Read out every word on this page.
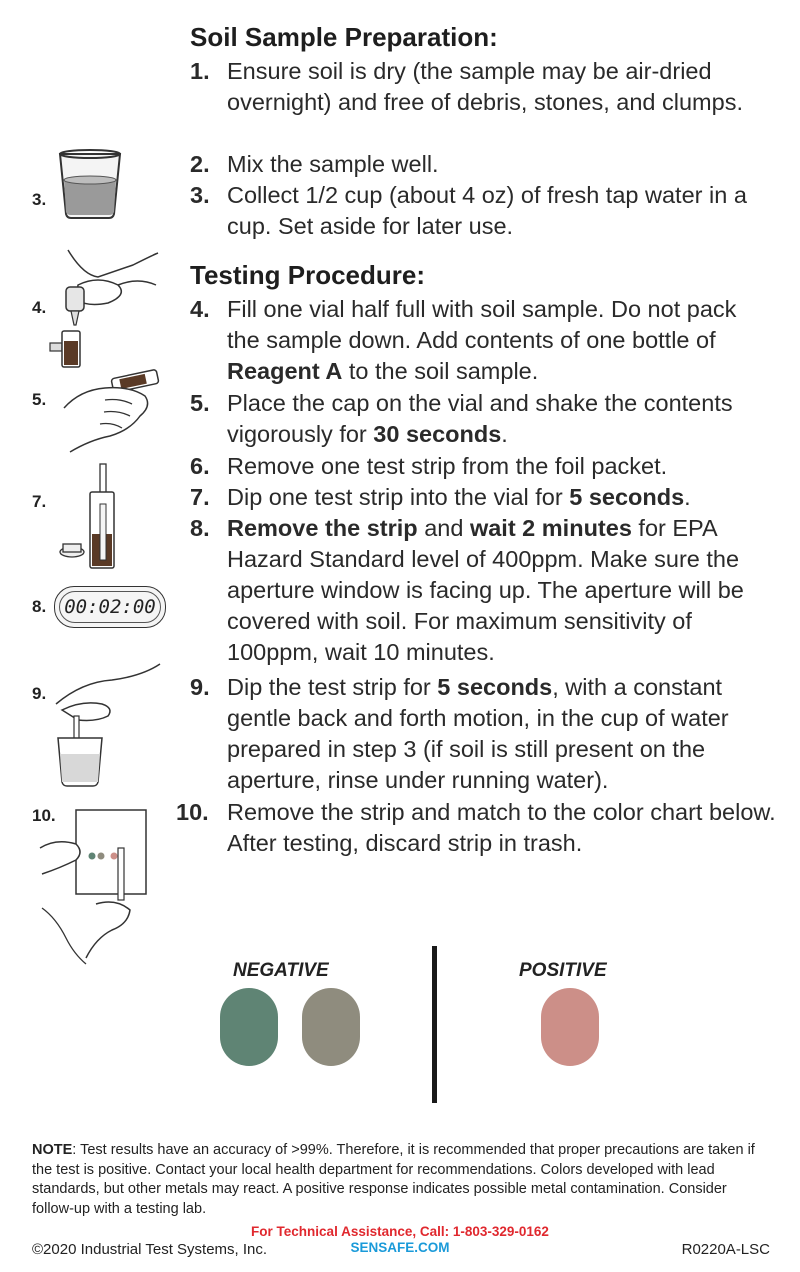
Soil Sample Preparation:
1. Ensure soil is dry (the sample may be air-dried overnight) and free of debris, stones, and clumps.
2. Mix the sample well.
3. Collect 1/2 cup (about 4 oz) of fresh tap water in a cup. Set aside for later use.
Testing Procedure:
4. Fill one vial half full with soil sample. Do not pack the sample down. Add contents of one bottle of Reagent A to the soil sample.
5. Place the cap on the vial and shake the contents vigorously for 30 seconds.
6. Remove one test strip from the foil packet.
7. Dip one test strip into the vial for 5 seconds.
8. Remove the strip and wait 2 minutes for EPA Hazard Standard level of 400ppm. Make sure the aperture window is facing up. The aperture will be covered with soil. For maximum sensitivity of 100ppm, wait 10 minutes.
9. Dip the test strip for 5 seconds, with a constant gentle back and forth motion, in the cup of water prepared in step 3 (if soil is still present on the aperture, rinse under running water).
10. Remove the strip and match to the color chart below. After testing, discard strip in trash.
3.
4.
5.
7.
8. 00:02:00
9.
10.
NEGATIVE	POSITIVE
NOTE: Test results have an accuracy of >99%. Therefore, it is recommended that proper precautions are taken if the test is positive. Contact your local health department for recommendations. Colors developed with lead standards, but other metals may react. A positive response indicates possible metal contamination. Consider follow-up with a testing lab.
©2020 Industrial Test Systems, Inc.
For Technical Assistance, Call: 1-803-329-0162
SENSAFE.COM	R0220A-LSC
